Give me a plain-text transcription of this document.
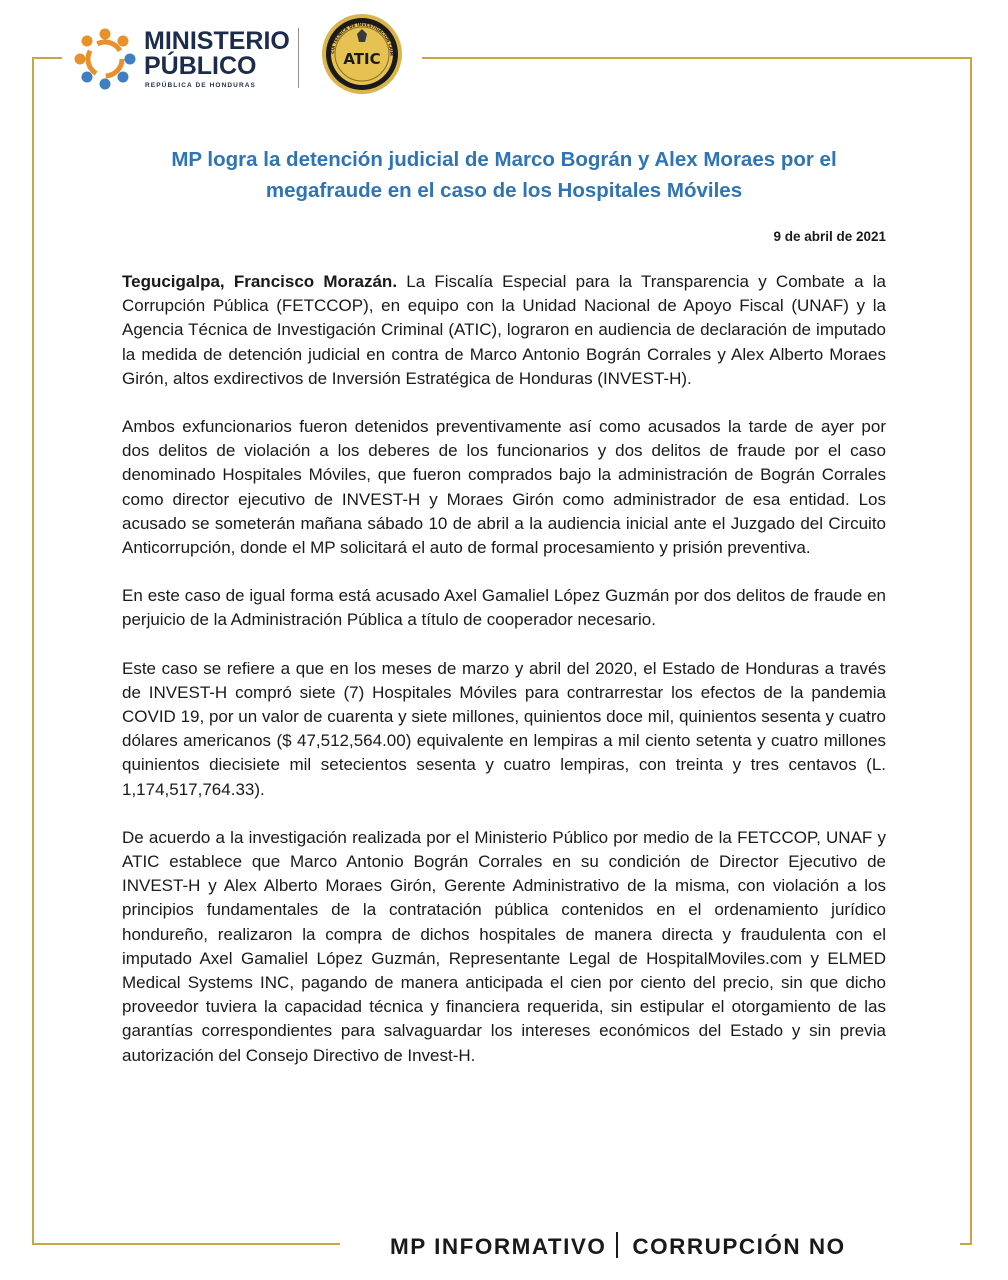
MINISTERIO
PÚBLICO
REPÚBLICA DE HONDURAS
CIA TÉCNICA DE INVESTIGACIÓN CRIM
ATIC
MP logra la detención judicial de Marco Bográn y Alex Moraes por el megafraude en el caso de los Hospitales Móviles
9 de abril de 2021

Tegucigalpa, Francisco Morazán. La Fiscalía Especial para la Transparencia y Combate a la Corrupción Pública (FETCCOP), en equipo con la Unidad Nacional de Apoyo Fiscal (UNAF) y la Agencia Técnica de Investigación Criminal (ATIC), lograron en audiencia de declaración de imputado la medida de detención judicial en contra de Marco Antonio Bográn Corrales y Alex Alberto Moraes Girón, altos exdirectivos de Inversión Estratégica de Honduras (INVEST-H).

Ambos exfuncionarios fueron detenidos preventivamente así como acusados la tarde de ayer por dos delitos de violación a los deberes de los funcionarios y dos delitos de fraude por el caso denominado Hospitales Móviles, que fueron comprados bajo la administración de Bográn Corrales como director ejecutivo de INVEST-H y Moraes Girón como administrador de esa entidad. Los acusado se someterán mañana sábado 10 de abril a la audiencia inicial ante el Juzgado del Circuito Anticorrupción, donde el MP solicitará el auto de formal procesamiento y prisión preventiva.

En este caso de igual forma está acusado Axel Gamaliel López Guzmán por dos delitos de fraude en perjuicio de la Administración Pública a título de cooperador necesario.

Este caso se refiere a que en los meses de marzo y abril del 2020, el Estado de Honduras a través de INVEST-H compró siete (7) Hospitales Móviles para contrarrestar los efectos de la pandemia COVID 19, por un valor de cuarenta y siete millones, quinientos doce mil, quinientos sesenta y cuatro dólares americanos ($ 47,512,564.00) equivalente en lempiras a mil ciento setenta y cuatro millones quinientos diecisiete mil setecientos sesenta y cuatro lempiras, con treinta y tres centavos (L. 1,174,517,764.33).

De acuerdo a la investigación realizada por el Ministerio Público por medio de la FETCCOP, UNAF y ATIC establece que Marco Antonio Bográn Corrales en su condición de Director Ejecutivo de INVEST-H y Alex Alberto Moraes Girón, Gerente Administrativo de la misma, con violación a los principios fundamentales de la contratación pública contenidos en el ordenamiento jurídico hondureño, realizaron la compra de dichos hospitales de manera directa y fraudulenta con el imputado Axel Gamaliel López Guzmán, Representante Legal de HospitalMoviles.com y ELMED Medical Systems INC, pagando de manera anticipada el cien por ciento del precio, sin que dicho proveedor tuviera la capacidad técnica y financiera requerida, sin estipular el otorgamiento de las garantías correspondientes para salvaguardar los intereses económicos del Estado y sin previa autorización del Consejo Directivo de Invest-H.

MP INFORMATIVO CORRUPCIÓN NO
